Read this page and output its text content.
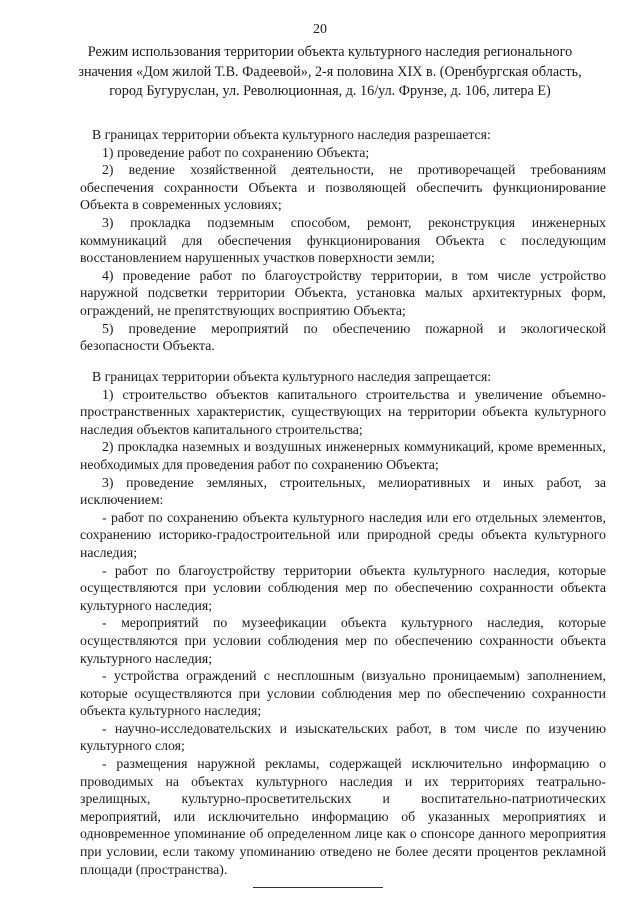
20
Режим использования территории объекта культурного наследия регионального значения «Дом жилой Т.В. Фадеевой», 2-я половина XIX в. (Оренбургская область, город Бугуруслан, ул. Революционная, д. 16/ул. Фрунзе, д. 106, литера Е)

В границах территории объекта культурного наследия разрешается:

1) проведение работ по сохранению Объекта;

2) ведение хозяйственной деятельности, не противоречащей требованиям обеспечения сохранности Объекта и позволяющей обеспечить функционирование Объекта в современных условиях;

3) прокладка подземным способом, ремонт, реконструкция инженерных коммуникаций для обеспечения функционирования Объекта с последующим восстановлением нарушенных участков поверхности земли;

4) проведение работ по благоустройству территории, в том числе устройство наружной подсветки территории Объекта, установка малых архитектурных форм, ограждений, не препятствующих восприятию Объекта;

5) проведение мероприятий по обеспечению пожарной и экологической безопасности Объекта.

В границах территории объекта культурного наследия запрещается:

1) строительство объектов капитального строительства и увеличение объемно-пространственных характеристик, существующих на территории объекта культурного наследия объектов капитального строительства;

2) прокладка наземных и воздушных инженерных коммуникаций, кроме временных, необходимых для проведения работ по сохранению Объекта;

3) проведение земляных, строительных, мелиоративных и иных работ, за исключением:

- работ по сохранению объекта культурного наследия или его отдельных элементов, сохранению историко-градостроительной или природной среды объекта культурного наследия;

- работ по благоустройству территории объекта культурного наследия, которые осуществляются при условии соблюдения мер по обеспечению сохранности объекта культурного наследия;

- мероприятий по музеефикации объекта культурного наследия, которые осуществляются при условии соблюдения мер по обеспечению сохранности объекта культурного наследия;

- устройства ограждений с несплошным (визуально проницаемым) заполнением, которые осуществляются при условии соблюдения мер по обеспечению сохранности объекта культурного наследия;

- научно-исследовательских и изыскательских работ, в том числе по изучению культурного слоя;

- размещения наружной рекламы, содержащей исключительно информацию о проводимых на объектах культурного наследия и их территориях театрально-зрелищных, культурно-просветительских и воспитательно-патриотических мероприятий, или исключительно информацию об указанных мероприятиях и одновременное упоминание об определенном лице как о спонсоре данного мероприятия при условии, если такому упоминанию отведено не более десяти процентов рекламной площади (пространства).
